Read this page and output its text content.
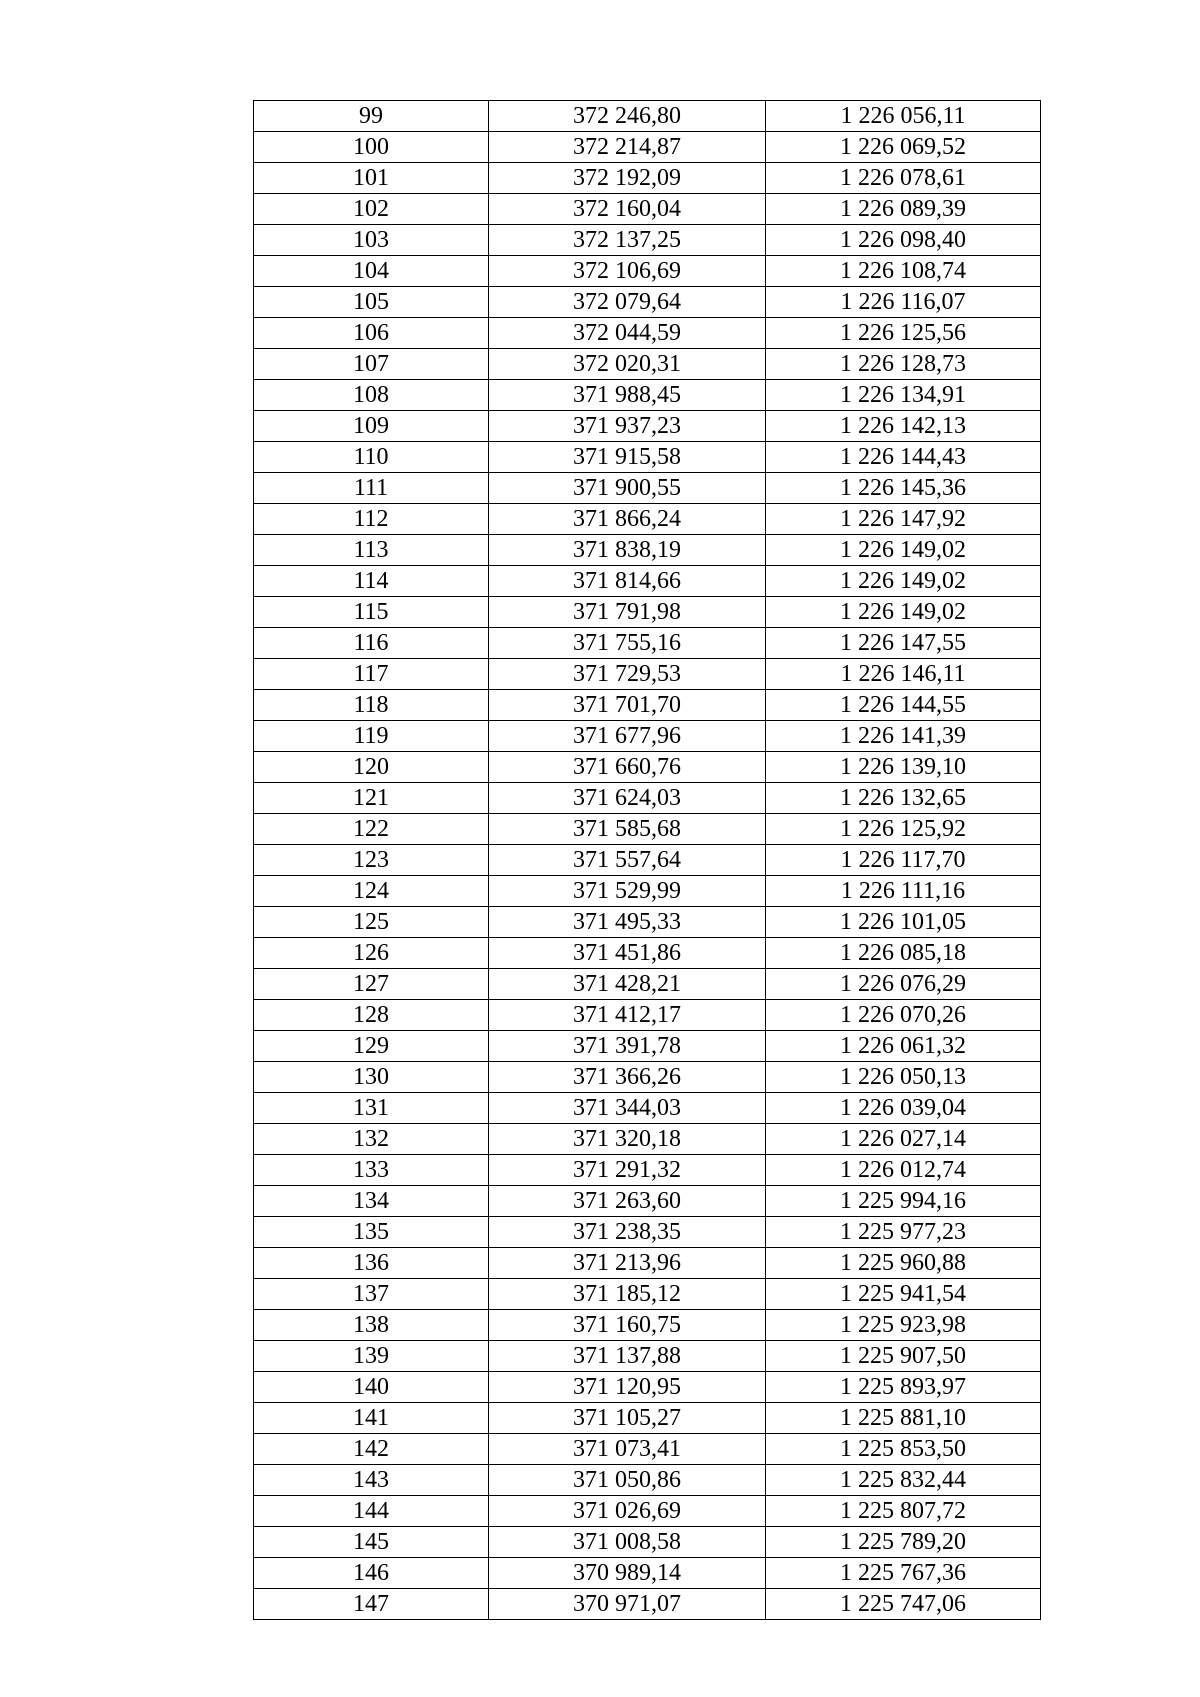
99	372 246,80	1 226 056,11
100	372 214,87	1 226 069,52
101	372 192,09	1 226 078,61
102	372 160,04	1 226 089,39
103	372 137,25	1 226 098,40
104	372 106,69	1 226 108,74
105	372 079,64	1 226 116,07
106	372 044,59	1 226 125,56
107	372 020,31	1 226 128,73
108	371 988,45	1 226 134,91
109	371 937,23	1 226 142,13
110	371 915,58	1 226 144,43
111	371 900,55	1 226 145,36
112	371 866,24	1 226 147,92
113	371 838,19	1 226 149,02
114	371 814,66	1 226 149,02
115	371 791,98	1 226 149,02
116	371 755,16	1 226 147,55
117	371 729,53	1 226 146,11
118	371 701,70	1 226 144,55
119	371 677,96	1 226 141,39
120	371 660,76	1 226 139,10
121	371 624,03	1 226 132,65
122	371 585,68	1 226 125,92
123	371 557,64	1 226 117,70
124	371 529,99	1 226 111,16
125	371 495,33	1 226 101,05
126	371 451,86	1 226 085,18
127	371 428,21	1 226 076,29
128	371 412,17	1 226 070,26
129	371 391,78	1 226 061,32
130	371 366,26	1 226 050,13
131	371 344,03	1 226 039,04
132	371 320,18	1 226 027,14
133	371 291,32	1 226 012,74
134	371 263,60	1 225 994,16
135	371 238,35	1 225 977,23
136	371 213,96	1 225 960,88
137	371 185,12	1 225 941,54
138	371 160,75	1 225 923,98
139	371 137,88	1 225 907,50
140	371 120,95	1 225 893,97
141	371 105,27	1 225 881,10
142	371 073,41	1 225 853,50
143	371 050,86	1 225 832,44
144	371 026,69	1 225 807,72
145	371 008,58	1 225 789,20
146	370 989,14	1 225 767,36
147	370 971,07	1 225 747,06
